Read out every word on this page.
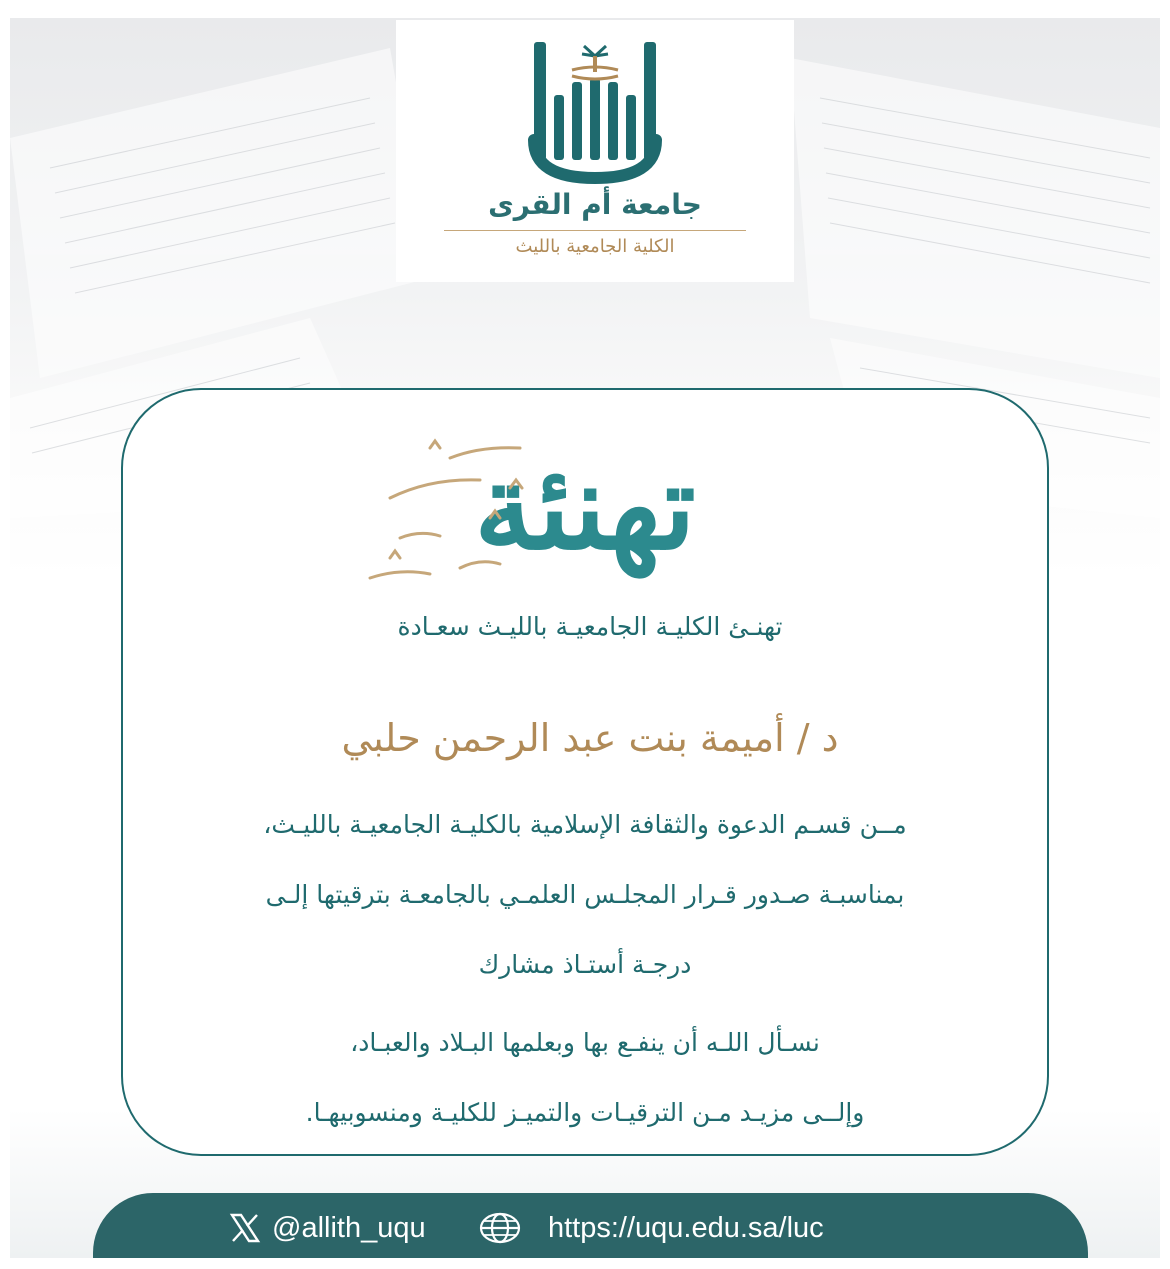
جامعة أم القرى
الكلية الجامعية بالليث
تهنئة
تهنـئ الكليـة الجامعيـة بالليـث سعـادة
د / أميمة بنت عبد الرحمن حلبي
مــن قسـم الدعوة والثقافة الإسلامية بالكليـة الجامعيـة بالليـث،
بمناسبـة صـدور قـرار المجلـس العلمـي بالجامعـة بترقيتها إلـى
درجـة أستـاذ مشارك
نسـأل اللـه أن ينفـع بها وبعلمها البـلاد والعبـاد،
وإلــى مزيـد مـن الترقيـات والتميـز للكليـة ومنسوبيهـا.
@allith_uqu	https://uqu.edu.sa/luc
